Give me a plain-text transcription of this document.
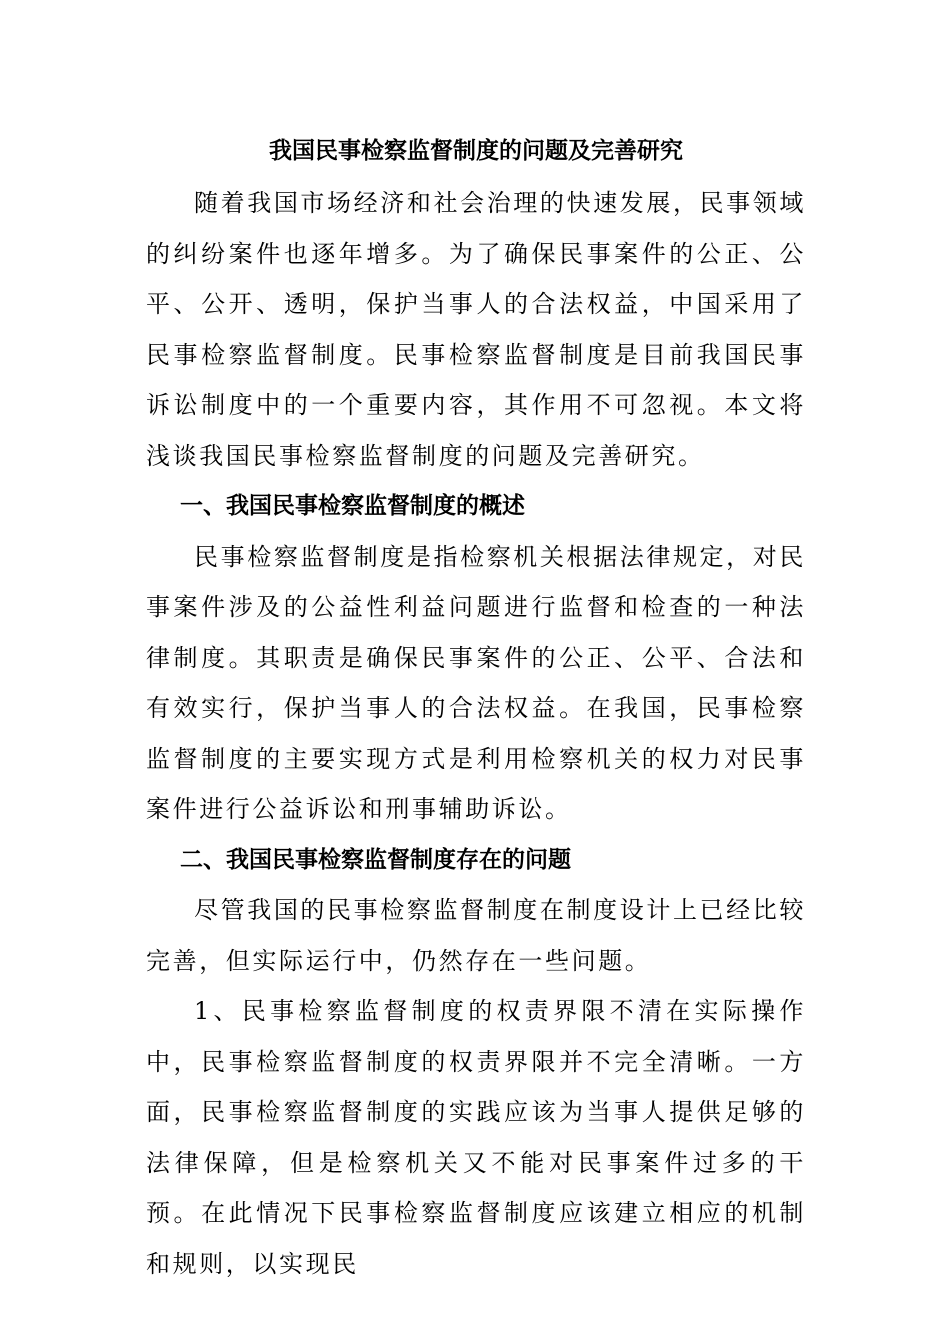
我国民事检察监督制度的问题及完善研究

随着我国市场经济和社会治理的快速发展，民事领域的纠纷案件也逐年增多。为了确保民事案件的公正、公平、公开、透明，保护当事人的合法权益，中国采用了民事检察监督制度。民事检察监督制度是目前我国民事诉讼制度中的一个重要内容，其作用不可忽视。本文将浅谈我国民事检察监督制度的问题及完善研究。

一、我国民事检察监督制度的概述

民事检察监督制度是指检察机关根据法律规定，对民事案件涉及的公益性利益问题进行监督和检查的一种法律制度。其职责是确保民事案件的公正、公平、合法和有效实行，保护当事人的合法权益。在我国，民事检察监督制度的主要实现方式是利用检察机关的权力对民事案件进行公益诉讼和刑事辅助诉讼。

二、我国民事检察监督制度存在的问题

尽管我国的民事检察监督制度在制度设计上已经比较完善，但实际运行中，仍然存在一些问题。

1、民事检察监督制度的权责界限不清在实际操作中，民事检察监督制度的权责界限并不完全清晰。一方面，民事检察监督制度的实践应该为当事人提供足够的法律保障，但是检察机关又不能对民事案件过多的干预。在此情况下民事检察监督制度应该建立相应的机制和规则，以实现民
